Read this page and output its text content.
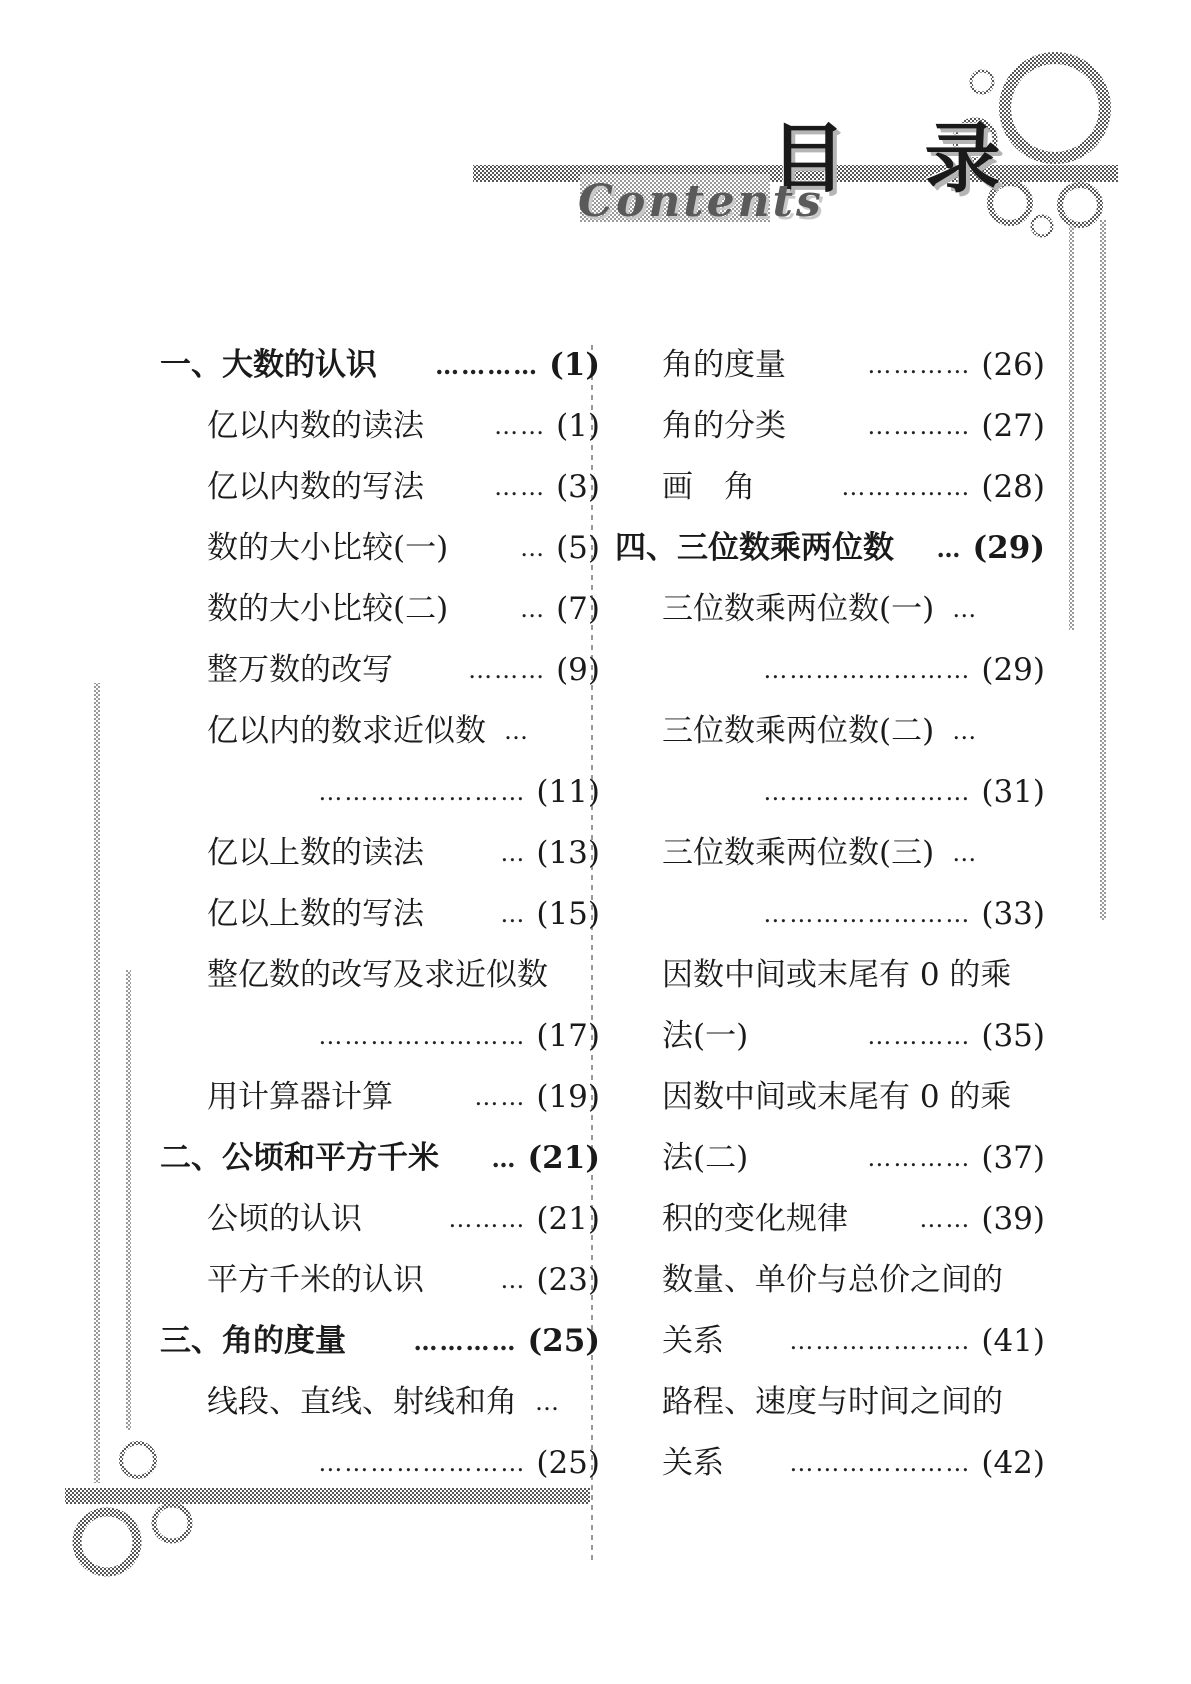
目 录
Contents
一、大数的认识	………… (1)
亿以内数的读法	…… (1)
亿以内数的写法	…… (3)
数的大小比较(一)	… (5)
数的大小比较(二)	… (7)
整万数的改写	……… (9)
亿以内的数求近似数 …
…………………… (11)
亿以上数的读法	… (13)
亿以上数的写法	… (15)
整亿数的改写及求近似数
…………………… (17)
用计算器计算	…… (19)
二、公顷和平方千米	… (21)
公顷的认识	……… (21)
平方千米的认识	… (23)
三、角的度量	………… (25)
线段、直线、射线和角 …
…………………… (25)
角的度量	………… (26)
角的分类	………… (27)
画　角	…………… (28)
四、三位数乘两位数	… (29)
三位数乘两位数(一) …
…………………… (29)
三位数乘两位数(二) …
…………………… (31)
三位数乘两位数(三) …
…………………… (33)
因数中间或末尾有 0 的乘
法(一)	………… (35)
因数中间或末尾有 0 的乘
法(二)	………… (37)
积的变化规律	…… (39)
数量、单价与总价之间的
关系	………………… (41)
路程、速度与时间之间的
关系	………………… (42)
